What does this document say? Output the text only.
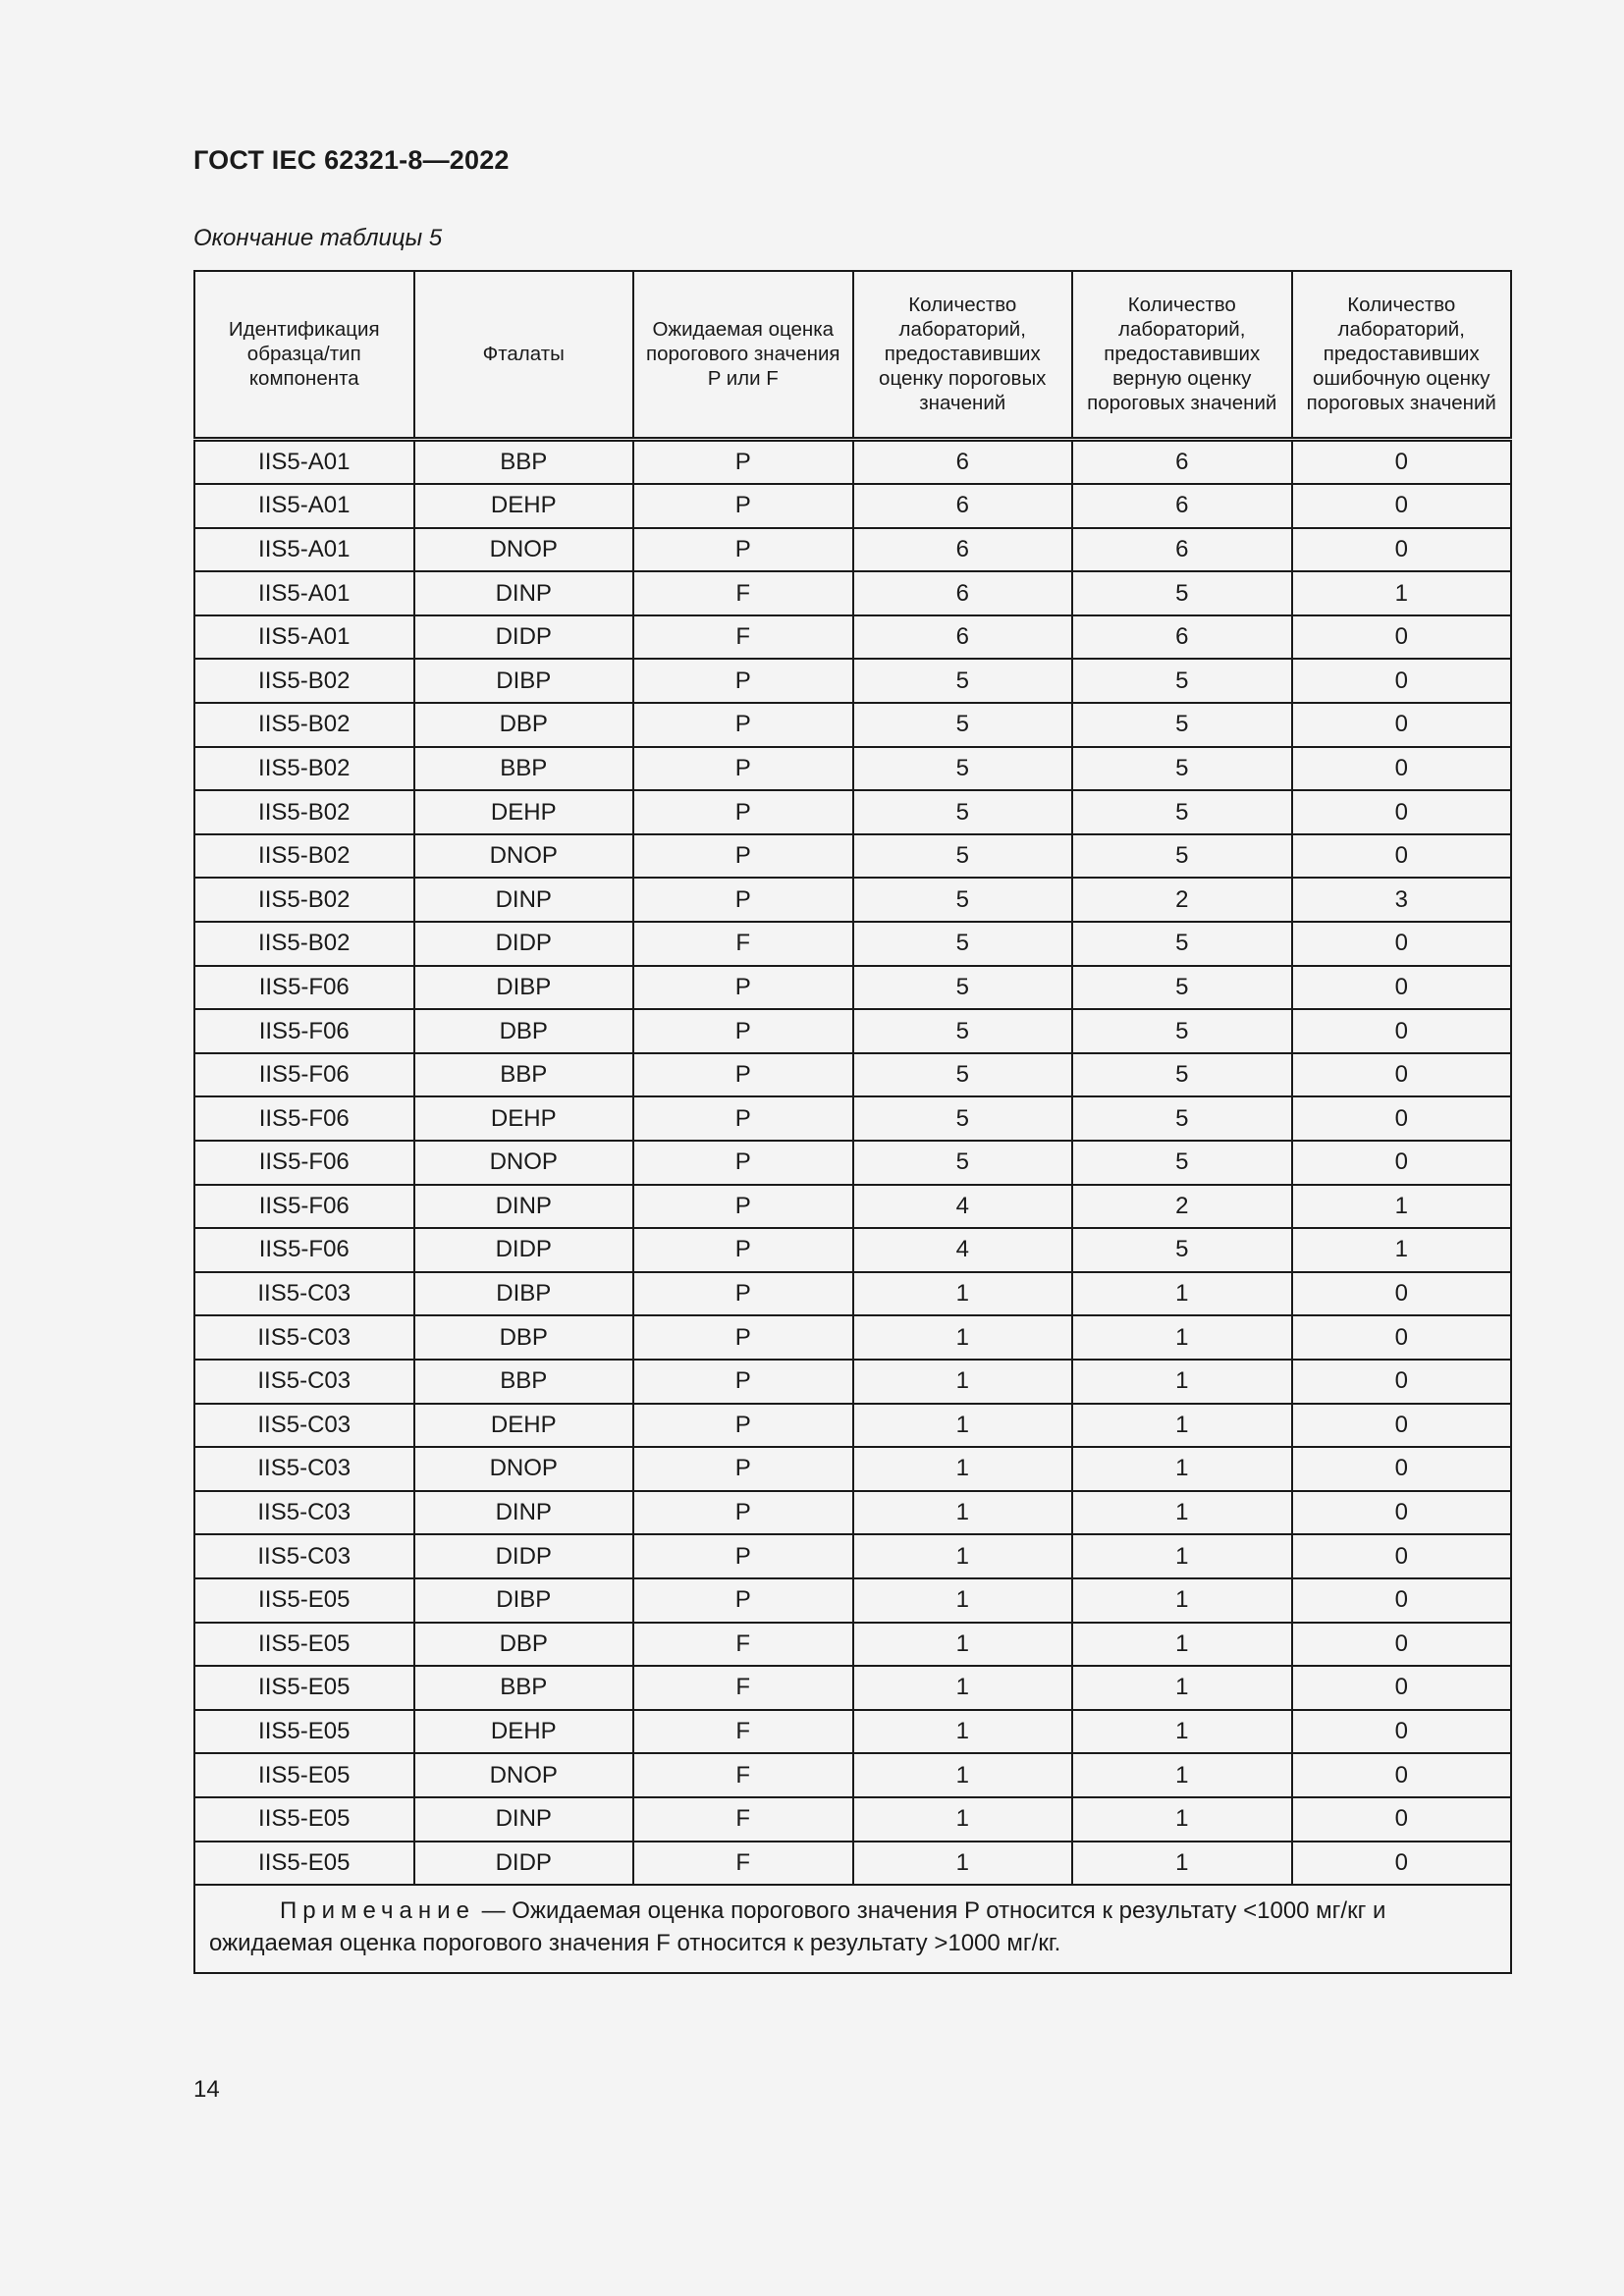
ГОСТ IEC 62321-8—2022
Окончание таблицы 5
Идентификация образца/тип компонента	Фталаты	Ожидаемая оценка порогового значения P или F	Количество лабораторий, предоставивших оценку пороговых значений	Количество лабораторий, предоставивших верную оценку пороговых значений	Количество лабораторий, предоставивших ошибочную оценку пороговых значений
IIS5-A01	BBP	P	6	6	0
IIS5-A01	DEHP	P	6	6	0
IIS5-A01	DNOP	P	6	6	0
IIS5-A01	DINP	F	6	5	1
IIS5-A01	DIDP	F	6	6	0
IIS5-B02	DIBP	P	5	5	0
IIS5-B02	DBP	P	5	5	0
IIS5-B02	BBP	P	5	5	0
IIS5-B02	DEHP	P	5	5	0
IIS5-B02	DNOP	P	5	5	0
IIS5-B02	DINP	P	5	2	3
IIS5-B02	DIDP	F	5	5	0
IIS5-F06	DIBP	P	5	5	0
IIS5-F06	DBP	P	5	5	0
IIS5-F06	BBP	P	5	5	0
IIS5-F06	DEHP	P	5	5	0
IIS5-F06	DNOP	P	5	5	0
IIS5-F06	DINP	P	4	2	1
IIS5-F06	DIDP	P	4	5	1
IIS5-C03	DIBP	P	1	1	0
IIS5-C03	DBP	P	1	1	0
IIS5-C03	BBP	P	1	1	0
IIS5-C03	DEHP	P	1	1	0
IIS5-C03	DNOP	P	1	1	0
IIS5-C03	DINP	P	1	1	0
IIS5-C03	DIDP	P	1	1	0
IIS5-E05	DIBP	P	1	1	0
IIS5-E05	DBP	F	1	1	0
IIS5-E05	BBP	F	1	1	0
IIS5-E05	DEHP	F	1	1	0
IIS5-E05	DNOP	F	1	1	0
IIS5-E05	DINP	F	1	1	0
IIS5-E05	DIDP	F	1	1	0
Примечание — Ожидаемая оценка порогового значения P относится к результату <1000 мг/кг и ожидаемая оценка порогового значения F относится к результату >1000 мг/кг.					
14
